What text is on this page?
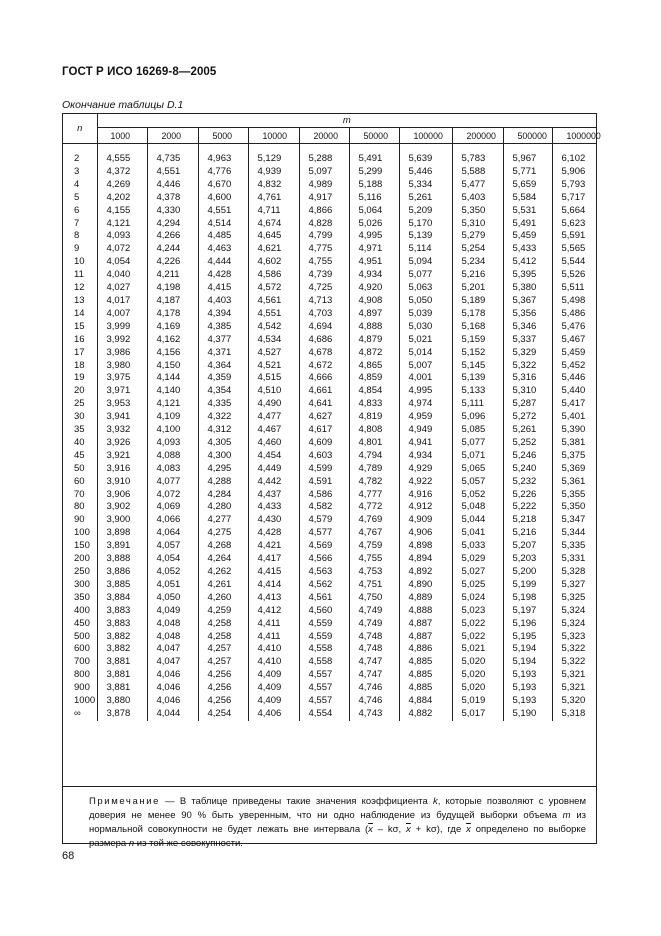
ГОСТ Р ИСО 16269-8—2005
Окончание таблицы D.1
n	m									
	1000	2000	5000	10000	20000	50000	100000	200000	500000	1000000
2	4,555	4,735	4,963	5,129	5,288	5,491	5,639	5,783	5,967	6,102
3	4,372	4,551	4,776	4,939	5,097	5,299	5,446	5,588	5,771	5,906
4	4,269	4,446	4,670	4,832	4,989	5,188	5,334	5,477	5,659	5,793
5	4,202	4,378	4,600	4,761	4,917	5,116	5,261	5,403	5,584	5,717
6	4,155	4,330	4,551	4,711	4,866	5,064	5,209	5,350	5,531	5,664
7	4,121	4,294	4,514	4,674	4,828	5,026	5,170	5,310	5,491	5,623
8	4,093	4,266	4,485	4,645	4,799	4,995	5,139	5,279	5,459	5,591
9	4,072	4,244	4,463	4,621	4,775	4,971	5,114	5,254	5,433	5,565
10	4,054	4,226	4,444	4,602	4,755	4,951	5,094	5,234	5,412	5,544
11	4,040	4,211	4,428	4,586	4,739	4,934	5,077	5,216	5,395	5,526
12	4,027	4,198	4,415	4,572	4,725	4,920	5,063	5,201	5,380	5,511
13	4,017	4,187	4,403	4,561	4,713	4,908	5,050	5,189	5,367	5,498
14	4,007	4,178	4,394	4,551	4,703	4,897	5,039	5,178	5,356	5,486
15	3,999	4,169	4,385	4,542	4,694	4,888	5,030	5,168	5,346	5,476
16	3,992	4,162	4,377	4,534	4,686	4,879	5,021	5,159	5,337	5,467
17	3,986	4,156	4,371	4,527	4,678	4,872	5,014	5,152	5,329	5,459
18	3,980	4,150	4,364	4,521	4,672	4,865	5,007	5,145	5,322	5,452
19	3,975	4,144	4,359	4,515	4,666	4,859	4,001	5,139	5,316	5,446
20	3,971	4,140	4,354	4,510	4,661	4,854	4,995	5,133	5,310	5,440
25	3,953	4,121	4,335	4,490	4,641	4,833	4,974	5,111	5,287	5,417
30	3,941	4,109	4,322	4,477	4,627	4,819	4,959	5,096	5,272	5,401
35	3,932	4,100	4,312	4,467	4,617	4,808	4,949	5,085	5,261	5,390
40	3,926	4,093	4,305	4,460	4,609	4,801	4,941	5,077	5,252	5,381
45	3,921	4,088	4,300	4,454	4,603	4,794	4,934	5,071	5,246	5,375
50	3,916	4,083	4,295	4,449	4,599	4,789	4,929	5,065	5,240	5,369
60	3,910	4,077	4,288	4,442	4,591	4,782	4,922	5,057	5,232	5,361
70	3,906	4,072	4,284	4,437	4,586	4,777	4,916	5,052	5,226	5,355
80	3,902	4,069	4,280	4,433	4,582	4,772	4,912	5,048	5,222	5,350
90	3,900	4,066	4,277	4,430	4,579	4,769	4,909	5,044	5,218	5,347
100	3,898	4,064	4,275	4,428	4,577	4,767	4,906	5,041	5,216	5,344
150	3,891	4,057	4,268	4,421	4,569	4,759	4,898	5,033	5,207	5,335
200	3,888	4,054	4,264	4,417	4,566	4,755	4,894	5,029	5,203	5,331
250	3,886	4,052	4,262	4,415	4,563	4,753	4,892	5,027	5,200	5,328
300	3,885	4,051	4,261	4,414	4,562	4,751	4,890	5,025	5,199	5,327
350	3,884	4,050	4,260	4,413	4,561	4,750	4,889	5,024	5,198	5,325
400	3,883	4,049	4,259	4,412	4,560	4,749	4,888	5,023	5,197	5,324
450	3,883	4,048	4,258	4,411	4,559	4,749	4,887	5,022	5,196	5,324
500	3,882	4,048	4,258	4,411	4,559	4,748	4,887	5,022	5,195	5,323
600	3,882	4,047	4,257	4,410	4,558	4,748	4,886	5,021	5,194	5,322
700	3,881	4,047	4,257	4,410	4,558	4,747	4,885	5,020	5,194	5,322
800	3,881	4,046	4,256	4,409	4,557	4,747	4,885	5,020	5,193	5,321
900	3,881	4,046	4,256	4,409	4,557	4,746	4,885	5,020	5,193	5,321
1000	3,880	4,046	4,256	4,409	4,557	4,746	4,884	5,019	5,193	5,320
∞	3,878	4,044	4,254	4,406	4,554	4,743	4,882	5,017	5,190	5,318
Примечание — В таблице приведены такие значения коэффициента k, которые позволяют с уровнем доверия не менее 90 % быть уверенным, что ни одно наблюдение из будущей выборки объема m из нормальной совокупности не будет лежать вне интервала ($\overline{x}$ – kσ, $\overline{x} + k\sigma$), где $\overline{x}$ определено по выборке размера n из той же совокупности.
68
